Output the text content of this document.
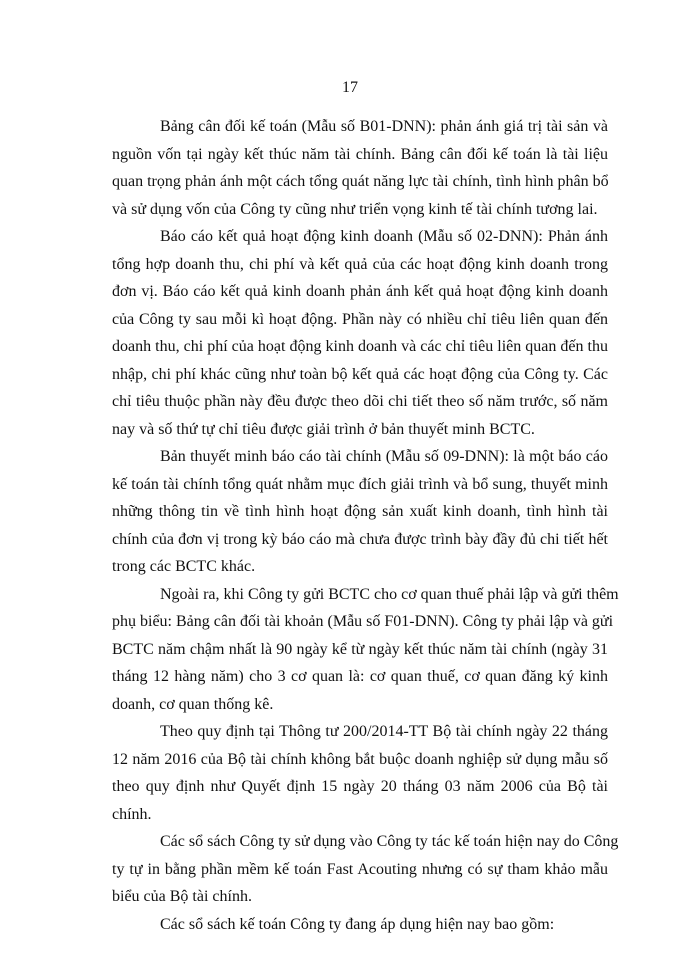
17

Bảng cân đối kế toán (Mẫu số B01-DNN): phản ánh giá trị tài sản và
nguồn vốn tại ngày kết thúc năm tài chính. Bảng cân đối kế toán là tài liệu
quan trọng phản ánh một cách tổng quát năng lực tài chính, tình hình phân bổ
và sử dụng vốn của Công ty cũng như triển vọng kinh tế tài chính tương lai.

Báo cáo kết quả hoạt động kinh doanh (Mẫu số 02-DNN): Phản ánh
tổng hợp doanh thu, chi phí và kết quả của các hoạt động kinh doanh trong
đơn vị. Báo cáo kết quả kinh doanh phản ánh kết quả hoạt động kinh doanh
của Công ty sau mỗi kì hoạt động. Phần này có nhiều chỉ tiêu liên quan đến
doanh thu, chi phí của hoạt động kinh doanh và các chỉ tiêu liên quan đến thu
nhập, chi phí khác cũng như toàn bộ kết quả các hoạt động của Công ty. Các
chỉ tiêu thuộc phần này đều được theo dõi chi tiết theo số năm trước, số năm
nay và số thứ tự chỉ tiêu được giải trình ở bản thuyết minh BCTC.

Bản thuyết minh báo cáo tài chính (Mẫu số 09-DNN): là một báo cáo
kế toán tài chính tổng quát nhằm mục đích giải trình và bổ sung, thuyết minh
những thông tin về tình hình hoạt động sản xuất kinh doanh, tình hình tài
chính của đơn vị trong kỳ báo cáo mà chưa được trình bày đầy đủ chi tiết hết
trong các BCTC khác.

Ngoài ra, khi Công ty gửi BCTC cho cơ quan thuế phải lập và gửi thêm
phụ biểu: Bảng cân đối tài khoản (Mẫu số F01-DNN). Công ty phải lập và gửi
BCTC năm chậm nhất là 90 ngày kể từ ngày kết thúc năm tài chính (ngày 31
tháng 12 hàng năm) cho 3 cơ quan là: cơ quan thuế, cơ quan đăng ký kinh
doanh, cơ quan thống kê.

Theo quy định tại Thông tư 200/2014-TT Bộ tài chính ngày 22 tháng
12 năm 2016 của Bộ tài chính không bắt buộc doanh nghiệp sử dụng mẫu số
theo quy định như Quyết định 15 ngày 20 tháng 03 năm 2006 của Bộ tài
chính.

Các sổ sách Công ty sử dụng vào Công ty tác kế toán hiện nay do Công
ty tự in bằng phần mềm kế toán Fast Acouting nhưng có sự tham khảo mẫu
biểu của Bộ tài chính.

Các sổ sách kế toán Công ty đang áp dụng hiện nay bao gồm:
